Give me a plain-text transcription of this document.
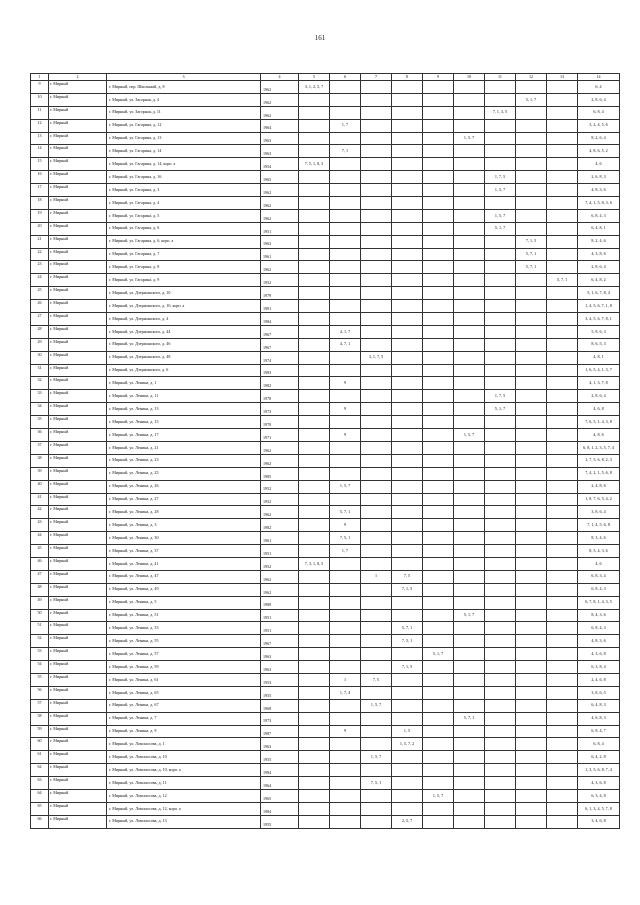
161
1	2	3	4	5	6	7	8	9	10	11	12	13	14
9	г. Мирный	г. Мирный, пер. Школьный, д. 8	1962	3, 1, 2, 5, 7									6, 4
10	г. Мирный	г. Мирный, ул. Загорная, д. 4	1962								5, 1, 7		2, 8, 6, 4
11	г. Мирный	г. Мирный, ул. Загорная, д. 11	1962							7, 1, 3, 5			6, 8, 4
12	г. Мирный	г. Мирный, ул. Гагарина, д. 12	1964		1, 7								3, 2, 4, 5, 6
13	г. Мирный	г. Мирный, ул. Гагарина, д. 13	1963						1, 5, 7				8, 2, 6, 4
14	г. Мирный	г. Мирный, ул. Гагарина, д. 14	1963		7, 1								4, 8, 6, 5, 2
15	г. Мирный	г. Мирный, ул. Гагарина, д. 14, корп. а	1954	7, 5, 1, 8, 3									4, 6
16	г. Мирный	г. Мирный, ул. Гагарина, д. 16	1965							1, 7, 5			2, 6, 8, 3
17	г. Мирный	г. Мирный, ул. Гагарина, д. 3	1962							1, 5, 7			4, 8, 3, 6
18	г. Мирный	г. Мирный, ул. Гагарина, д. 4	1962										7, 4, 1, 5, 8, 3, 6
19	г. Мирный	г. Мирный, ул. Гагарина, д. 5	1962							1, 5, 7			6, 8, 4, 3
20	г. Мирный	г. Мирный, ул. Гагарина, д. 6	1951							5, 1, 7			6, 4, 8, 1
21	г. Мирный	г. Мирный, ул. Гагарина, д. 6, корп. а	1963								7, 1, 5		8, 2, 4, 6
22	г. Мирный	г. Мирный, ул. Гагарина, д. 7	1961								5, 7, 1		4, 3, 8, 6
23	г. Мирный	г. Мирный, ул. Гагарина, д. 8	1962								5, 7, 1		2, 8, 6, 4
24	г. Мирный	г. Мирный, ул. Гагарина, д. 9	1952									5, 7, 1	6, 4, 8, 2
25	г. Мирный	г. Мирный, ул. Дзержинского, д. 10	1979										5, 1, 6, 7, 8, 4
26	г. Мирный	г. Мирный, ул. Дзержинского, д. 10, корп. а	1981										1, 4, 5, 6, 7, 1, 8
27	г. Мирный	г. Мирный, ул. Дзержинского, д. 4	1984										3, 4, 5, 6, 7, 8, 1
28	г. Мирный	г. Мирный, ул. Дзержинского, д. 44	1967		4, 1, 7								5, 8, 6, 3
29	г. Мирный	г. Мирный, ул. Дзержинского, д. 46	1967		4, 7, 1								8, 6, 5, 3
30	г. Мирный	г. Мирный, ул. Дзержинского, д. 48	1974			3, 1, 7, 5							4, 8, 1
31	г. Мирный	г. Мирный, ул. Дзержинского, д. 6	1983										1, 6, 5, 4, 1, 3, 7
32	г. Мирный	г. Мирный, ул. Ленина, д. 1	1982		9								4, 1, 3, 7, 8
33	г. Мирный	г. Мирный, ул. Ленина, д. 11	1970							1, 7, 5			2, 8, 6, 4
34	г. Мирный	г. Мирный, ул. Ленина, д. 13	1973		9					5, 1, 7			4, 6, 8
35	г. Мирный	г. Мирный, ул. Ленина, д. 15	1970										7, 6, 5, 1, 4, 3, 8
36	г. Мирный	г. Мирный, ул. Ленина, д. 17	1971		9				1, 5, 7				4, 8, 6
37	г. Мирный	г. Мирный, ул. Ленина, д. 21	1962										6, 8, 1, 2, 3, 5, 7, 4
38	г. Мирный	г. Мирный, ул. Ленина, д. 23	1962										1, 7, 5, 6, 8, 2, 3
39	г. Мирный	г. Мирный, ул. Ленина, д. 25	1985										7, 4, 2, 1, 5, 6, 8
40	г. Мирный	г. Мирный, ул. Ленина, д. 26	1952		1, 5, 7								2, 4, 8, 6
41	г. Мирный	г. Мирный, ул. Ленина, д. 27	1952										1, 8, 7, 6, 5, 4, 2
42	г. Мирный	г. Мирный, ул. Ленина, д. 28	1962		5, 7, 1								3, 8, 6, 4
43	г. Мирный	г. Мирный, ул. Ленина, д. 3	1982		9								7, 1, 4, 5, 6, 8
44	г. Мирный	г. Мирный, ул. Ленина, д. 30	1961		7, 5, 1								8, 3, 4, 6
45	г. Мирный	г. Мирный, ул. Ленина, д. 37	1951		1, 7								8, 5, 4, 3, 6
46	г. Мирный	г. Мирный, ул. Ленина, д. 41	1952	7, 3, 1, 8, 5									4, 6
47	г. Мирный	г. Мирный, ул. Ленина, д. 47	1962			1	7, 5						6, 8, 3, 4
48	г. Мирный	г. Мирный, ул. Ленина, д. 49	1962				7, 1, 5						6, 8, 4, 3
49	г. Мирный	г. Мирный, ул. Ленина, д. 5	1980										6, 7, 8, 1, 4, 3, 5
50	г. Мирный	г. Мирный, ул. Ленина, д. 51	1951						5, 1, 7				8, 4, 3, 6
51	г. Мирный	г. Мирный, ул. Ленина, д. 53	1951				5, 7, 1						6, 8, 4, 3
52	г. Мирный	г. Мирный, ул. Ленина, д. 55	1967				7, 5, 1						4, 8, 3, 6
53	г. Мирный	г. Мирный, ул. Ленина, д. 57	1963					5, 1, 7					4, 3, 6, 8
54	г. Мирный	г. Мирный, ул. Ленина, д. 59	1963				7, 1, 5						6, 3, 8, 4
55	г. Мирный	г. Мирный, ул. Ленина, д. 61	1953		1	7, 5							2, 4, 6, 8
56	г. Мирный	г. Мирный, ул. Ленина, д. 65	1955		1, 7, 4								3, 8, 6, 5
57	г. Мирный	г. Мирный, ул. Ленина, д. 67	1968			1, 5, 7							6, 4, 8, 3
58	г. Мирный	г. Мирный, ул. Ленина, д. 7	1973						5, 7, 1				4, 6, 8, 3
59	г. Мирный	г. Мирный, ул. Ленина, д. 9	1987		9		1, 5						6, 8, 4, 7
60	г. Мирный	г. Мирный, ул. Ломоносова, д. 1	1963				1, 5, 7, 2						6, 8, 4
61	г. Мирный	г. Мирный, ул. Ломоносова, д. 10	1955			1, 5, 7							6, 4, 2, 8
62	г. Мирный	г. Мирный, ул. Ломоносова, д. 10, корп. а	1994										1, 3, 5, 6, 8, 7, 4
63	г. Мирный	г. Мирный, ул. Ломоносова, д. 11	1964			7, 5, 1							4, 3, 6, 8
64	г. Мирный	г. Мирный, ул. Ломоносова, д. 12	1965					1, 5, 7					6, 3, 4, 8
65	г. Мирный	г. Мирный, ул. Ломоносова, д. 12, корп. а	1984										6, 1, 3, 4, 5, 7, 8
66	г. Мирный	г. Мирный, ул. Ломоносова, д. 13	1955				2, 5, 7						3, 4, 6, 8
